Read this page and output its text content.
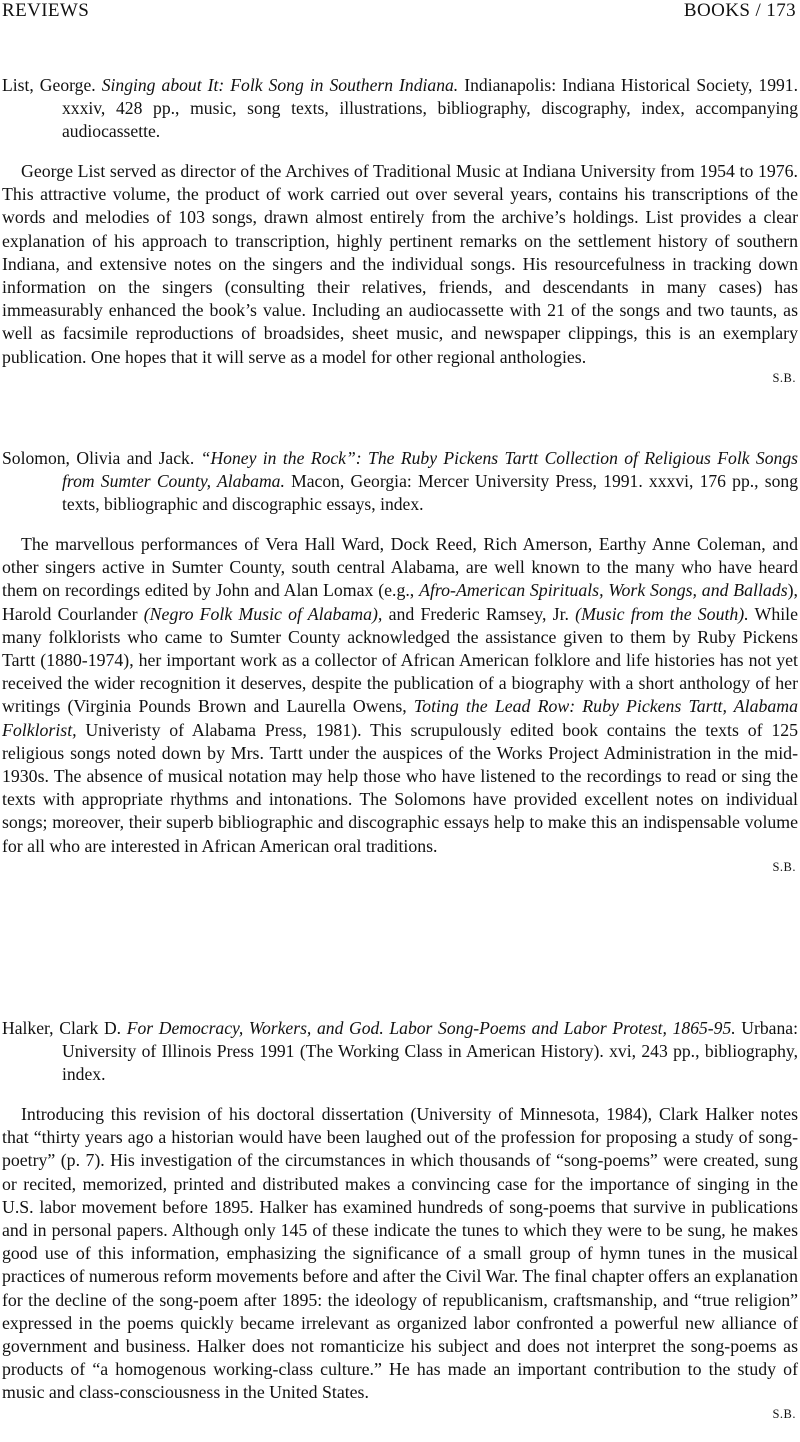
REVIEWS	BOOKS / 173

List, George. Singing about It: Folk Song in Southern Indiana. Indianapolis: Indiana Historical Society, 1991. xxxiv, 428 pp., music, song texts, illustrations, bibliography, discography, index, accompanying audiocassette.

George List served as director of the Archives of Traditional Music at Indiana University from 1954 to 1976. This attractive volume, the product of work carried out over several years, contains his transcriptions of the words and melodies of 103 songs, drawn almost entirely from the archive’s holdings. List provides a clear explanation of his approach to transcription, highly pertinent remarks on the settlement history of southern Indiana, and extensive notes on the singers and the individual songs. His resourcefulness in tracking down information on the singers (consulting their relatives, friends, and descendants in many cases) has immeasurably enhanced the book’s value. Including an audiocassette with 21 of the songs and two taunts, as well as facsimile reproductions of broadsides, sheet music, and newspaper clippings, this is an exemplary publication. One hopes that it will serve as a model for other regional anthologies.

S.B.

Solomon, Olivia and Jack. “Honey in the Rock”: The Ruby Pickens Tartt Collection of Religious Folk Songs from Sumter County, Alabama. Macon, Georgia: Mercer University Press, 1991. xxxvi, 176 pp., song texts, bibliographic and discographic essays, index.

The marvellous performances of Vera Hall Ward, Dock Reed, Rich Amerson, Earthy Anne Coleman, and other singers active in Sumter County, south central Alabama, are well known to the many who have heard them on recordings edited by John and Alan Lomax (e.g., Afro-American Spirituals, Work Songs, and Ballads), Harold Courlander (Negro Folk Music of Alabama), and Frederic Ramsey, Jr. (Music from the South). While many folklorists who came to Sumter County acknowledged the assistance given to them by Ruby Pickens Tartt (1880-1974), her important work as a collector of African American folklore and life histories has not yet received the wider recognition it deserves, despite the publication of a biography with a short anthology of her writings (Virginia Pounds Brown and Laurella Owens, Toting the Lead Row: Ruby Pickens Tartt, Alabama Folklorist, Univeristy of Alabama Press, 1981). This scrupulously edited book contains the texts of 125 religious songs noted down by Mrs. Tartt under the auspices of the Works Project Administration in the mid-1930s. The absence of musical notation may help those who have listened to the recordings to read or sing the texts with appropriate rhythms and intonations. The Solomons have provided excellent notes on individual songs; moreover, their superb bibliographic and discographic essays help to make this an indispensable volume for all who are interested in African American oral traditions.

S.B.

Halker, Clark D. For Democracy, Workers, and God. Labor Song-Poems and Labor Protest, 1865-95. Urbana: University of Illinois Press 1991 (The Working Class in American History). xvi, 243 pp., bibliography, index.

Introducing this revision of his doctoral dissertation (University of Minnesota, 1984), Clark Halker notes that “thirty years ago a historian would have been laughed out of the profession for proposing a study of song-poetry” (p. 7). His investigation of the circumstances in which thousands of “song-poems” were created, sung or recited, memorized, printed and distributed makes a convincing case for the importance of singing in the U.S. labor movement before 1895. Halker has examined hundreds of song-poems that survive in publications and in personal papers. Although only 145 of these indicate the tunes to which they were to be sung, he makes good use of this information, emphasizing the significance of a small group of hymn tunes in the musical practices of numerous reform movements before and after the Civil War. The final chapter offers an explanation for the decline of the song-poem after 1895: the ideology of republicanism, craftsmanship, and “true religion” expressed in the poems quickly became irrelevant as organized labor confronted a powerful new alliance of government and business. Halker does not romanticize his subject and does not interpret the song-poems as products of “a homogenous working-class culture.” He has made an important contribution to the study of music and class-consciousness in the United States.

S.B.
